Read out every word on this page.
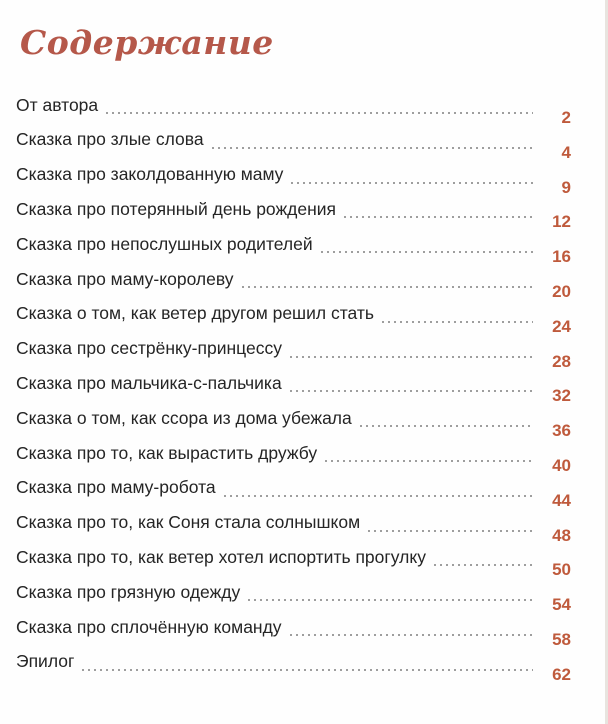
Содержание
От автора
2
Сказка про злые слова
4
Сказка про заколдованную маму
9
Сказка про потерянный день рождения
12
Сказка про непослушных родителей
16
Сказка про маму-королеву
20
Сказка о том, как ветер другом решил стать
24
Сказка про сестрёнку-принцессу
28
Сказка про мальчика-с-пальчика
32
Сказка о том, как ссора из дома убежала
36
Сказка про то, как вырастить дружбу
40
Сказка про маму-робота
44
Сказка про то, как Соня стала солнышком
48
Сказка про то, как ветер хотел испортить прогулку
50
Сказка про грязную одежду
54
Сказка про сплочённую команду
58
Эпилог
62
